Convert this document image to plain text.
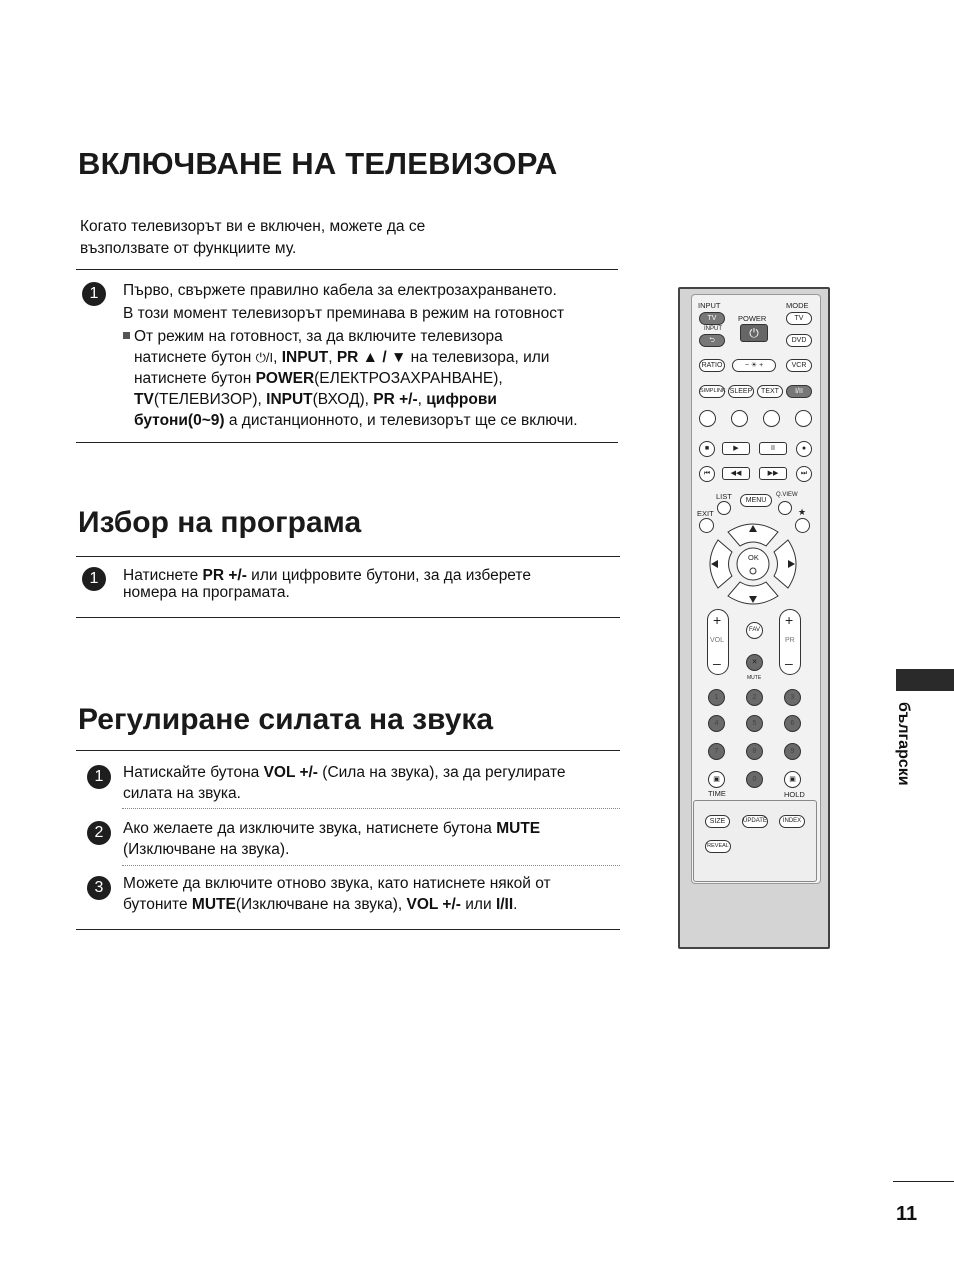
ВКЛЮЧВАНЕ НА ТЕЛЕВИЗОРА
Когато телевизорът ви е включен, можете да се
възползвате от функциите му.
1	Първо, свържете правилно кабела за електрозахранването.
В този момент телевизорът преминава в режим на готовност
От режим на готовност, за да включите телевизора
натиснете бутон ⏻/I, INPUT, PR ▲ / ▼ на телевизора, или
натиснете бутон POWER(ЕЛЕКТРОЗАХРАНВАНЕ),
TV(ТЕЛЕВИЗОР), INPUT(ВХОД), PR +/-, цифрови
бутони(0~9) а дистанционното, и телевизорът ще се включи.
Избор на програма
1	Натиснете PR +/- или цифровите бутони, за да изберете
номера на програмата.
Регулиране силата на звука
1	Натискайте бутона VOL +/- (Сила на звука), за да регулирате
силата на звука.
2	Ако желаете да изключите звука, натиснете бутона MUTE
(Изключване на звука).
3	Можете да включите отново звука, като натиснете някой от
бутоните MUTE(Изключване на звука), VOL +/- или I/II.
български
11
INPUT	MODE
POWER
TV	TV
⏻
INPUT
⮌	DVD
RATIO	− ☀ +	VCR
SIMPLINK SLEEP	TEXT	I/II
■	▶	II	●
⏮	◀◀	▶▶	⏭
LIST	Q.VIEW
MENU
EXIT	★
OK
+
VOL
–
+
PR
–
FAV
✕
MUTE
1	2	3
4	5	6
7	8	9
▣	0	▣
TIME	HOLD
SIZE	UPDATE	INDEX
REVEAL
